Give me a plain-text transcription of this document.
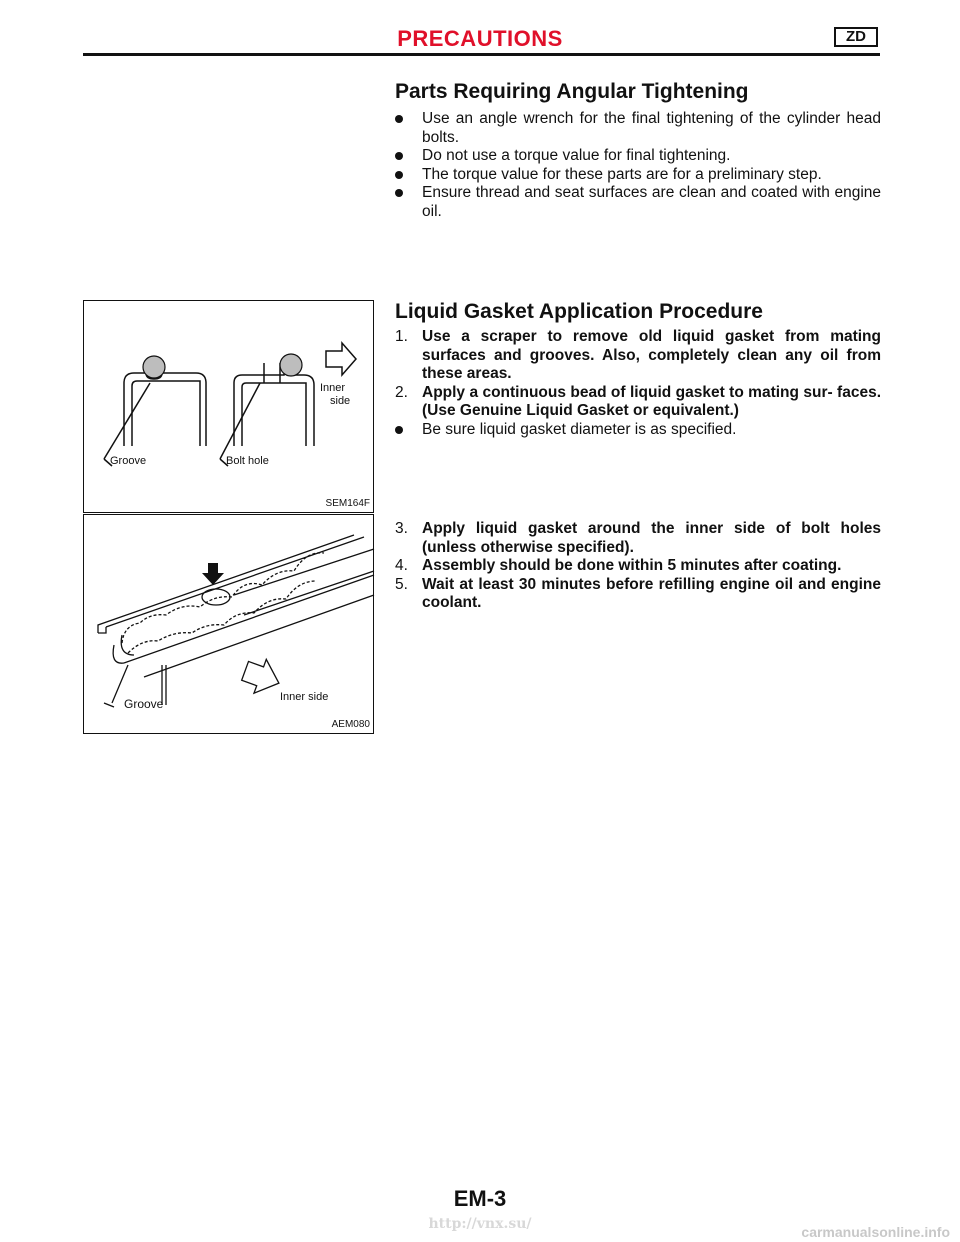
PRECAUTIONS	ZD
Parts Requiring Angular Tightening
Use an angle wrench for the final tightening of the cylinder head bolts.
Do not use a torque value for final tightening.
The torque value for these parts are for a preliminary step.
Ensure thread and seat surfaces are clean and coated with engine oil.
Liquid Gasket Application Procedure
1. Use a scraper to remove old liquid gasket from mating surfaces and grooves. Also, completely clean any oil from these areas.
2. Apply a continuous bead of liquid gasket to mating sur- faces. (Use Genuine Liquid Gasket or equivalent.)
Be sure liquid gasket diameter is as specified.
3. Apply liquid gasket around the inner side of bolt holes (unless otherwise specified).
4. Assembly should be done within 5 minutes after coating.
5. Wait at least 30 minutes before refilling engine oil and engine coolant.
Groove	Bolt hole
Inner
side
SEM164F
Groove	Inner side
AEM080
EM-3
http://vnx.su/	carmanualsonline.info
